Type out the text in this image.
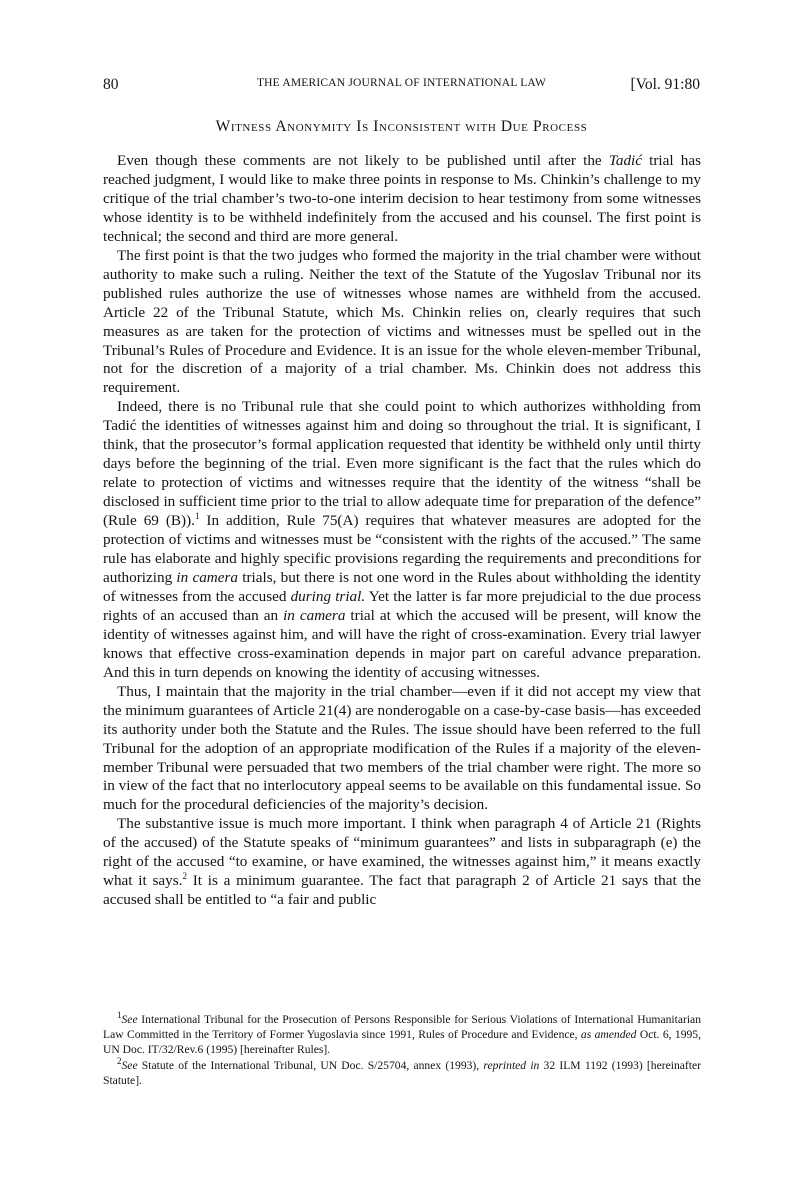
80	THE AMERICAN JOURNAL OF INTERNATIONAL LAW	[Vol. 91:80
Witness Anonymity Is Inconsistent with Due Process

Even though these comments are not likely to be published until after the Tadić trial has reached judgment, I would like to make three points in response to Ms. Chinkin’s challenge to my critique of the trial chamber’s two-to-one interim decision to hear testimony from some witnesses whose identity is to be withheld indefinitely from the accused and his counsel. The first point is technical; the second and third are more general.

The first point is that the two judges who formed the majority in the trial chamber were without authority to make such a ruling. Neither the text of the Statute of the Yugoslav Tribunal nor its published rules authorize the use of witnesses whose names are withheld from the accused. Article 22 of the Tribunal Statute, which Ms. Chinkin relies on, clearly requires that such measures as are taken for the protection of victims and witnesses must be spelled out in the Tribunal’s Rules of Procedure and Evidence. It is an issue for the whole eleven-member Tribunal, not for the discretion of a majority of a trial chamber. Ms. Chinkin does not address this requirement.

Indeed, there is no Tribunal rule that she could point to which authorizes withholding from Tadić the identities of witnesses against him and doing so throughout the trial. It is significant, I think, that the prosecutor’s formal application requested that identity be withheld only until thirty days before the beginning of the trial. Even more significant is the fact that the rules which do relate to protection of victims and witnesses require that the identity of the witness “shall be disclosed in sufficient time prior to the trial to allow adequate time for preparation of the defence” (Rule 69 (B)).$^1$ In addition, Rule 75(A) requires that whatever measures are adopted for the protection of victims and witnesses must be “consistent with the rights of the accused.” The same rule has elaborate and highly specific provisions regarding the requirements and preconditions for authorizing in camera trials, but there is not one word in the Rules about withholding the identity of witnesses from the accused during trial. Yet the latter is far more prejudicial to the due process rights of an accused than an in camera trial at which the accused will be present, will know the identity of witnesses against him, and will have the right of cross-examination. Every trial lawyer knows that effective cross-examination depends in major part on careful advance preparation. And this in turn depends on knowing the identity of accusing witnesses.

Thus, I maintain that the majority in the trial chamber—even if it did not accept my view that the minimum guarantees of Article 21(4) are nonderogable on a case-by-case basis—has exceeded its authority under both the Statute and the Rules. The issue should have been referred to the full Tribunal for the adoption of an appropriate modification of the Rules if a majority of the eleven-member Tribunal were persuaded that two members of the trial chamber were right. The more so in view of the fact that no interlocutory appeal seems to be available on this fundamental issue. So much for the procedural deficiencies of the majority’s decision.

The substantive issue is much more important. I think when paragraph 4 of Article 21 (Rights of the accused) of the Statute speaks of “minimum guarantees” and lists in subparagraph (e) the right of the accused “to examine, or have examined, the witnesses against him,” it means exactly what it says.$^2$ It is a minimum guarantee. The fact that paragraph 2 of Article 21 says that the accused shall be entitled to “a fair and public

$^1$See International Tribunal for the Prosecution of Persons Responsible for Serious Violations of International Humanitarian Law Committed in the Territory of Former Yugoslavia since 1991, Rules of Procedure and Evidence, as amended Oct. 6, 1995, UN Doc. IT/32/Rev.6 (1995) [hereinafter Rules].

$^2$See Statute of the International Tribunal, UN Doc. S/25704, annex (1993), reprinted in 32 ILM 1192 (1993) [hereinafter Statute].
